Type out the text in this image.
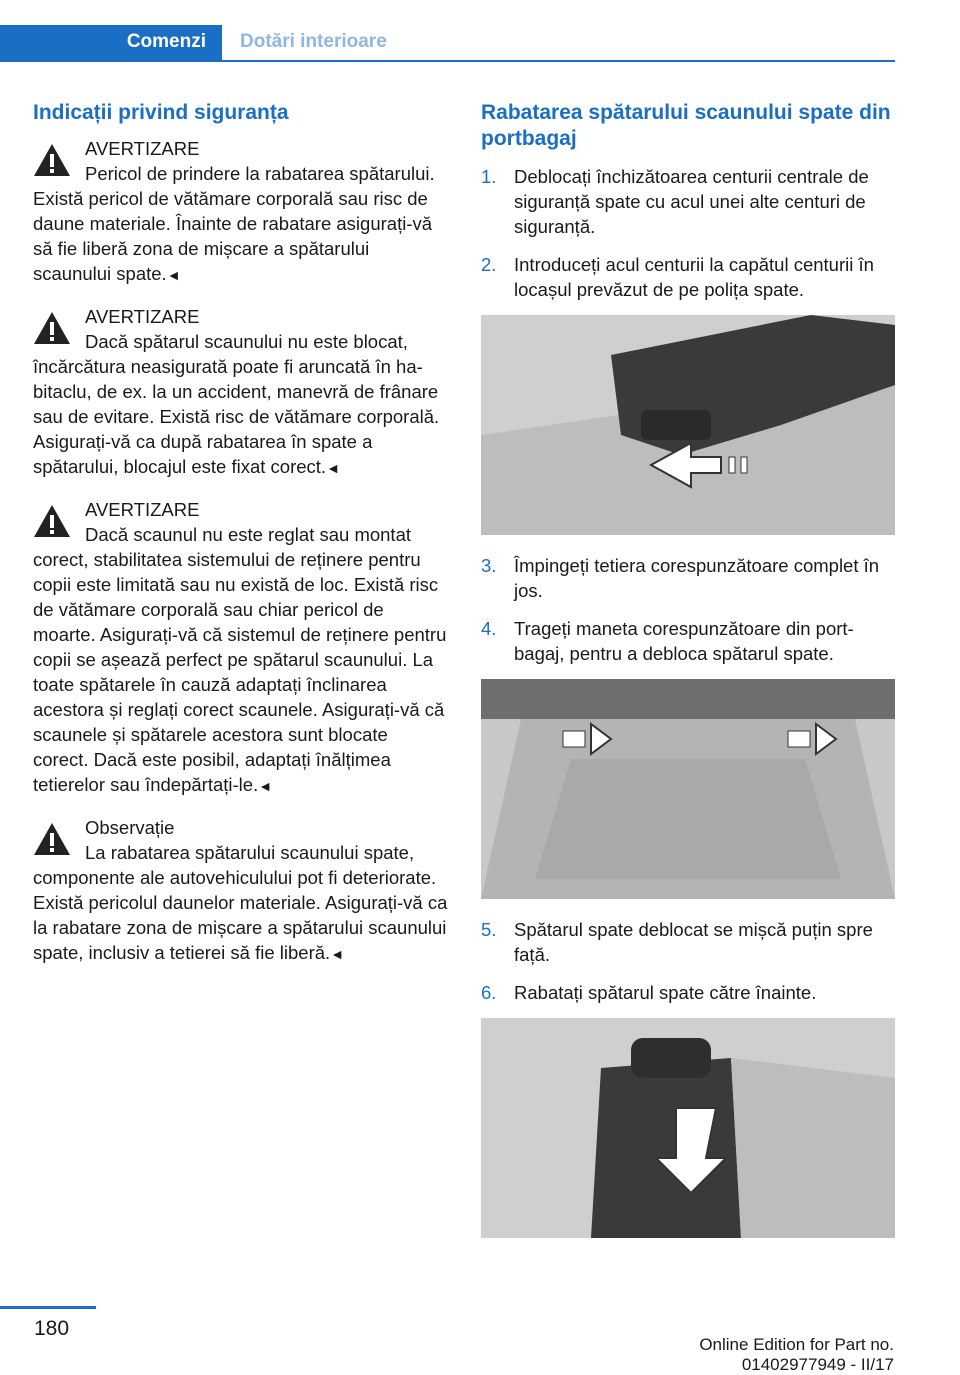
Comenzi Dotări interioare
Indicații privind siguranța
AVERTIZARE

Pericol de prindere la rabatarea spătarului. Există pericol de vătămare corporală sau risc de daune materiale. Înainte de rabatare asigurați-vă să fie liberă zona de mișcare a spătarului scaunului spate.◄

AVERTIZARE

Dacă spătarul scaunului nu este blocat, încărcătura neasigurată poate fi aruncată în habitaclu, de ex. la un accident, manevră de frânare sau de evitare. Există risc de vătămare corporală. Asigurați-vă ca după rabatarea în spate a spătarului, blocajul este fixat corect.◄

AVERTIZARE

Dacă scaunul nu este reglat sau montat corect, stabilitatea sistemului de reținere pentru copii este limitată sau nu există de loc. Există risc de vătămare corporală sau chiar pericol de moarte. Asigurați-vă că sistemul de reținere pentru copii se așează perfect pe spătarul scaunului. La toate spătarele în cauză adaptați înclinarea acestora și reglați corect scaunele. Asigurați-vă că scaunele și spătarele acestora sunt blocate corect. Dacă este posibil, adaptați înălțimea tetierelor sau îndepărtați-le.◄

Observație

La rabatarea spătarului scaunului spate, componente ale autovehiculului pot fi deteriorate. Există pericolul daunelor materiale. Asigurați-vă ca la rabatare zona de mișcare a spătarului scaunului spate, inclusiv a tetierei să fie liberă.◄

Rabatarea spătarului scaunului spate din portbagaj
1. Deblocați închizătoarea centurii centrale de siguranță spate cu acul unei alte centuri de siguranță.
2. Introduceți acul centurii la capătul centurii în locașul prevăzut de pe polița spate.
3. Împingeți tetiera corespunzătoare complet în jos.
4. Trageți maneta corespunzătoare din portbagaj, pentru a debloca spătarul spate.
5. Spătarul spate deblocat se mișcă puțin spre față.
6. Rabatați spătarul spate către înainte.
180
Online Edition for Part no. 01402977949 - II/17
